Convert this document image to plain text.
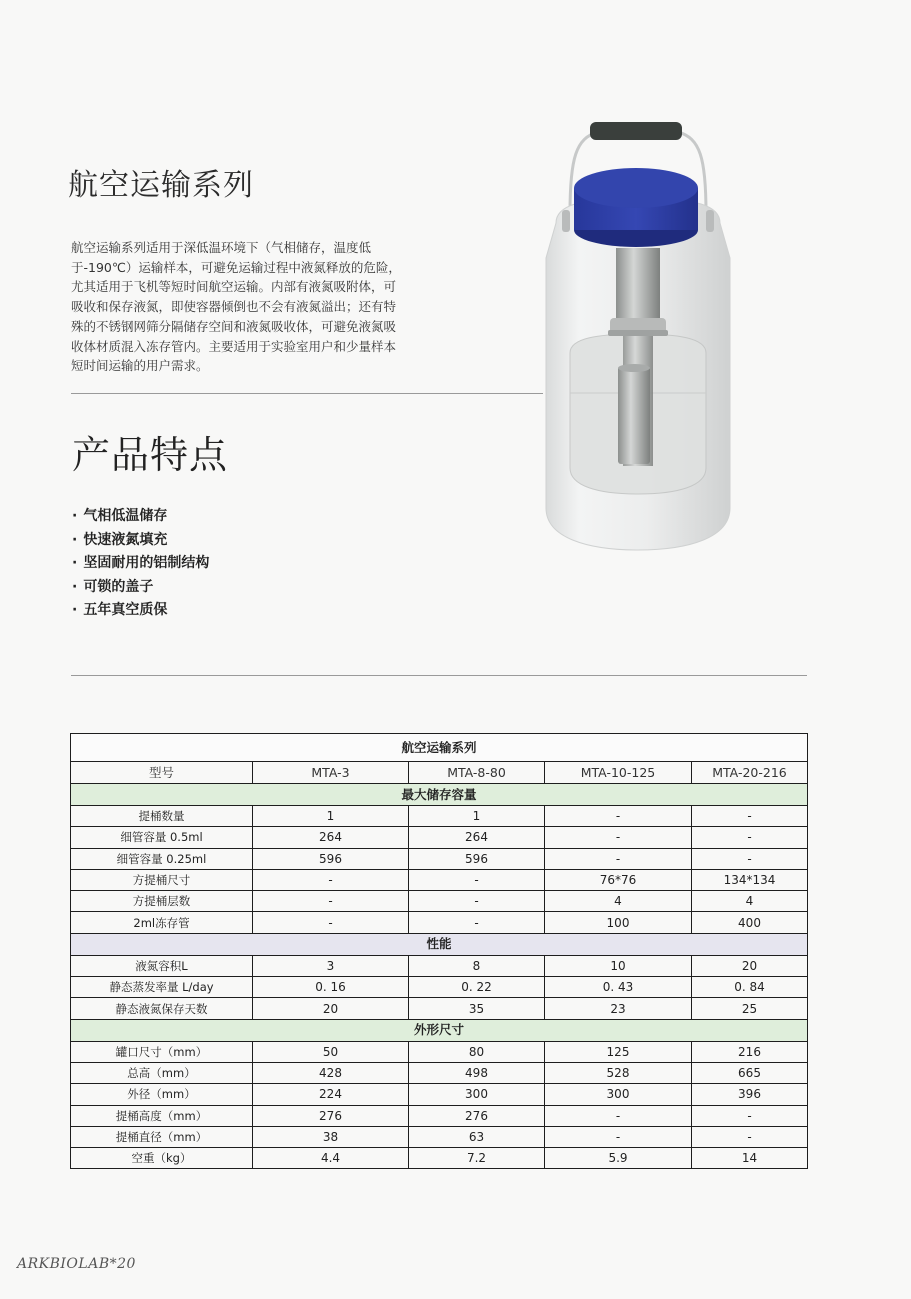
航空运输系列

航空运输系列适用于深低温环境下（气相储存，温度低于-190℃）运输样本，可避免运输过程中液氮释放的危险，尤其适用于飞机等短时间航空运输。内部有液氮吸附体，可吸收和保存液氮，即使容器倾倒也不会有液氮溢出；还有特殊的不锈钢网筛分隔储存空间和液氮吸收体，可避免液氮吸收体材质混入冻存管内。主要适用于实验室用户和少量样本短时间运输的用户需求。

产品特点
· 气相低温储存
· 快速液氮填充
· 坚固耐用的铝制结构
· 可锁的盖子
· 五年真空质保
航空运输系列				
型号	MTA-3	MTA-8-80	MTA-10-125	MTA-20-216
最大储存容量				
提桶数量	1	1	-	-
细管容量 0.5ml	264	264	-	-
细管容量 0.25ml	596	596	-	-
方提桶尺寸	-	-	76*76	134*134
方提桶层数	-	-	4	4
2ml冻存管	-	-	100	400
性能				
液氮容积L	3	8	10	20
静态蒸发率量 L/day	0. 16	0. 22	0. 43	0. 84
静态液氮保存天数	20	35	23	25
外形尺寸				
罐口尺寸（mm）	50	80	125	216
总高（mm）	428	498	528	665
外径（mm）	224	300	300	396
提桶高度（mm）	276	276	-	-
提桶直径（mm）	38	63	-	-
空重（kg）	4.4	7.2	5.9	14
ARKBIOLAB*20
